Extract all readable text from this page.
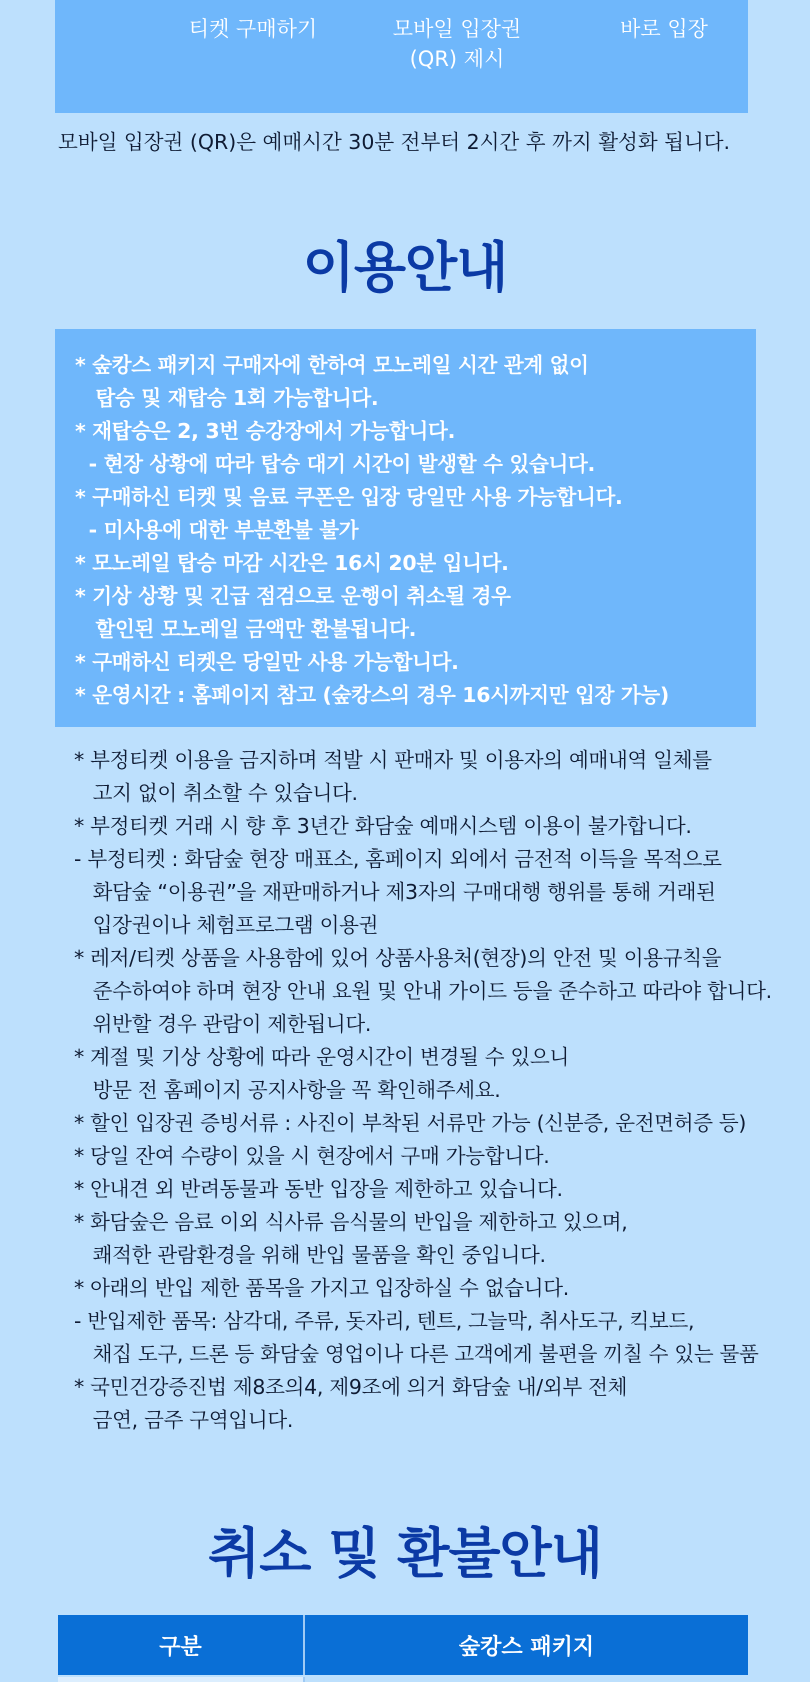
티켓 구매하기	모바일 입장권
(QR) 제시
바로 입장
모바일 입장권 (QR)은 예매시간 30분 전부터 2시간 후 까지 활성화 됩니다.
이용안내
* 숲캉스 패키지 구매자에 한하여 모노레일 시간 관계 없이
탑승 및 재탑승 1회 가능합니다.
* 재탑승은 2, 3번 승강장에서 가능합니다.
- 현장 상황에 따라 탑승 대기 시간이 발생할 수 있습니다.
* 구매하신 티켓 및 음료 쿠폰은 입장 당일만 사용 가능합니다.
- 미사용에 대한 부분환불 불가
* 모노레일 탑승 마감 시간은 16시 20분 입니다.
* 기상 상황 및 긴급 점검으로 운행이 취소될 경우
할인된 모노레일 금액만 환불됩니다.
* 구매하신 티켓은 당일만 사용 가능합니다.
* 운영시간 : 홈페이지 참고 (숲캉스의 경우 16시까지만 입장 가능)
* 부정티켓 이용을 금지하며 적발 시 판매자 및 이용자의 예매내역 일체를
고지 없이 취소할 수 있습니다.
* 부정티켓 거래 시 향 후 3년간 화담숲 예매시스템 이용이 불가합니다.
- 부정티켓 : 화담숲 현장 매표소, 홈페이지 외에서 금전적 이득을 목적으로
화담숲 “이용권”을 재판매하거나 제3자의 구매대행 행위를 통해 거래된
입장권이나 체험프로그램 이용권
* 레저/티켓 상품을 사용함에 있어 상품사용처(현장)의 안전 및 이용규칙을
준수하여야 하며 현장 안내 요원 및 안내 가이드 등을 준수하고 따라야 합니다.
위반할 경우 관람이 제한됩니다.
* 계절 및 기상 상황에 따라 운영시간이 변경될 수 있으니
방문 전 홈페이지 공지사항을 꼭 확인해주세요.
* 할인 입장권 증빙서류 : 사진이 부착된 서류만 가능 (신분증, 운전면허증 등)
* 당일 잔여 수량이 있을 시 현장에서 구매 가능합니다.
* 안내견 외 반려동물과 동반 입장을 제한하고 있습니다.
* 화담숲은 음료 이외 식사류 음식물의 반입을 제한하고 있으며,
쾌적한 관람환경을 위해 반입 물품을 확인 중입니다.
* 아래의 반입 제한 품목을 가지고 입장하실 수 없습니다.
- 반입제한 품목: 삼각대, 주류, 돗자리, 텐트, 그늘막, 취사도구, 킥보드,
채집 도구, 드론 등 화담숲 영업이나 다른 고객에게 불편을 끼칠 수 있는 물품
* 국민건강증진법 제8조의4, 제9조에 의거 화담숲 내/외부 전체
금연, 금주 구역입니다.
취소 및 환불안내
구분	숲캉스 패키지
